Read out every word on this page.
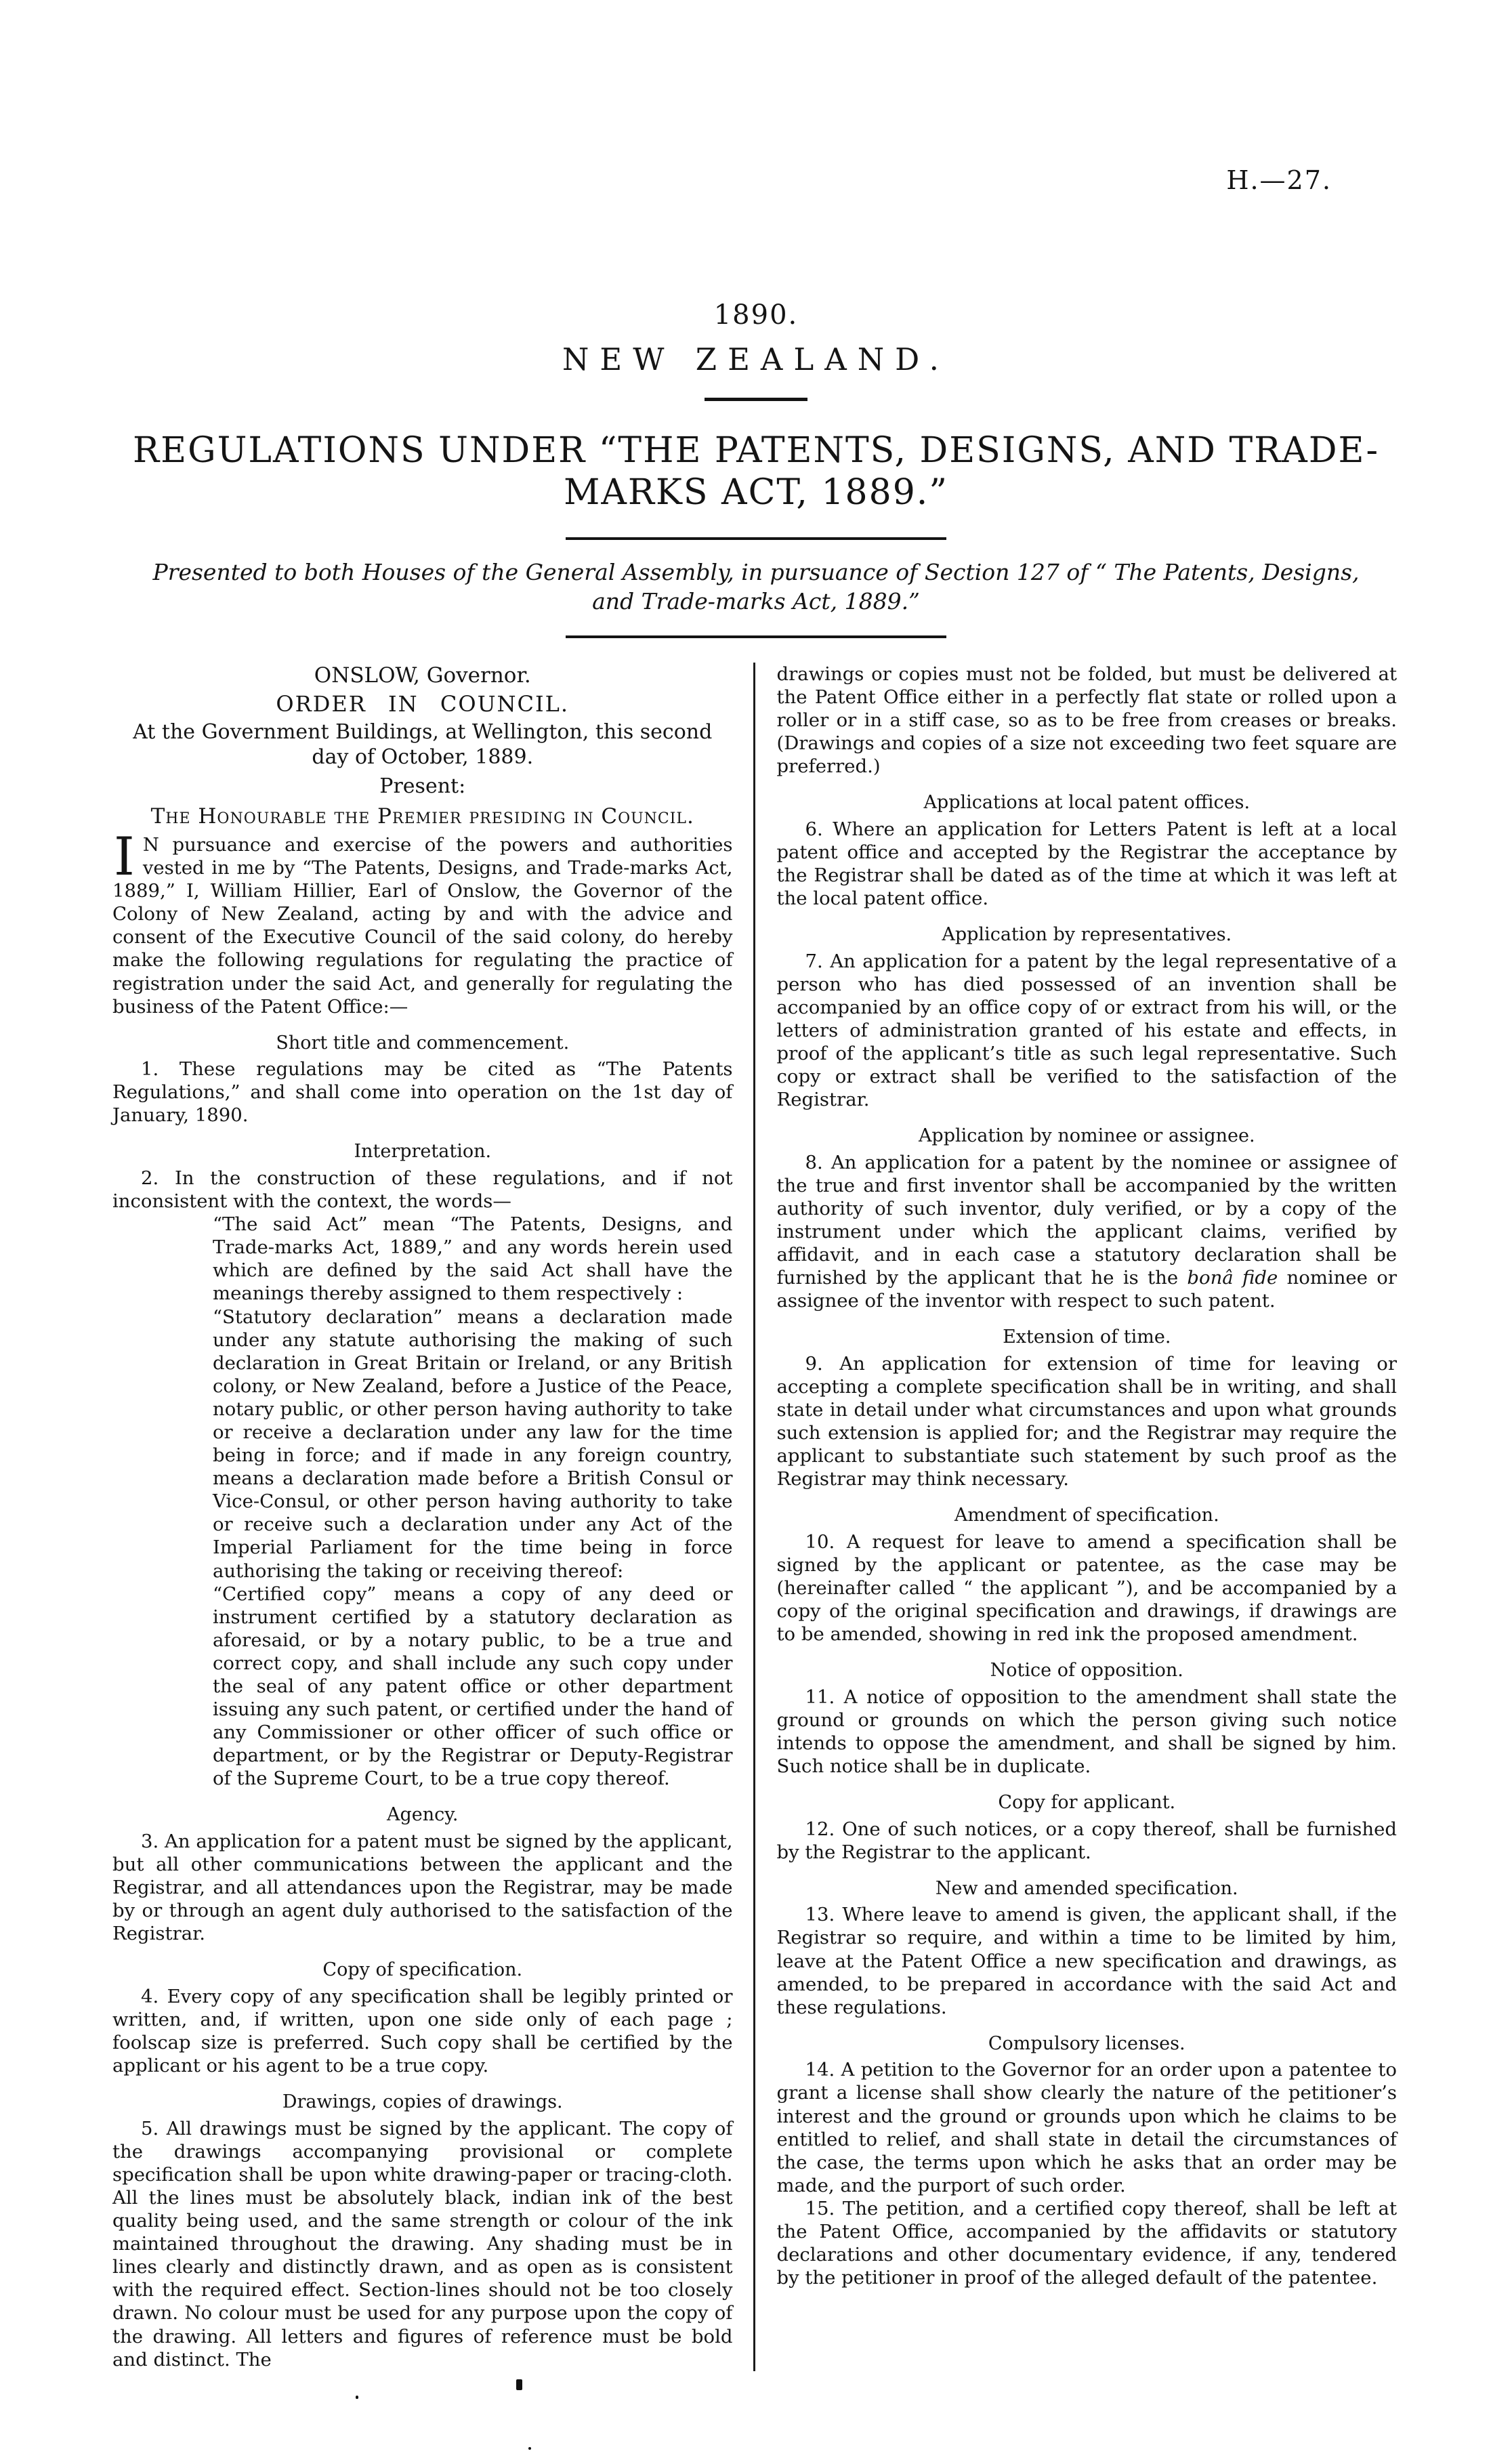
H.—27.
1890.
NEW ZEALAND.
REGULATIONS UNDER “THE PATENTS, DESIGNS, AND TRADE-
MARKS ACT, 1889.”
Presented to both Houses of the General Assembly, in pursuance of Section 127 of “ The Patents, Designs, and Trade-marks Act, 1889.”
ONSLOW, Governor.
ORDER IN COUNCIL.
At the Government Buildings, at Wellington, this second day of October, 1889.
Present:
The Honourable the Premier presiding in Council.

I N pursuance and exercise of the powers and authorities vested in me by “The Patents, Designs, and Trade-marks Act, 1889,” I, William Hillier, Earl of Onslow, the Governor of the Colony of New Zealand, acting by and with the advice and consent of the Executive Council of the said colony, do hereby make the following regulations for regulating the practice of registration under the said Act, and generally for regulating the business of the Patent Office:—

Short title and commencement.

1. These regulations may be cited as “The Patents Regulations,” and shall come into operation on the 1st day of January, 1890.

Interpretation.

2. In the construction of these regulations, and if not inconsistent with the context, the words—

“The said Act” mean “The Patents, Designs, and Trade-marks Act, 1889,” and any words herein used which are defined by the said Act shall have the meanings thereby assigned to them respectively :

“Statutory declaration” means a declaration made under any statute authorising the making of such declaration in Great Britain or Ireland, or any British colony, or New Zealand, before a Justice of the Peace, notary public, or other person having authority to take or receive a declaration under any law for the time being in force; and if made in any foreign country, means a declaration made before a British Consul or Vice-Consul, or other person having authority to take or receive such a declaration under any Act of the Imperial Parliament for the time being in force authorising the taking or receiving thereof:

“Certified copy” means a copy of any deed or instrument certified by a statutory declaration as aforesaid, or by a notary public, to be a true and correct copy, and shall include any such copy under the seal of any patent office or other department issuing any such patent, or certified under the hand of any Commissioner or other officer of such office or department, or by the Registrar or Deputy-Registrar of the Supreme Court, to be a true copy thereof.

Agency.

3. An application for a patent must be signed by the applicant, but all other communications between the applicant and the Registrar, and all attendances upon the Registrar, may be made by or through an agent duly authorised to the satisfaction of the Registrar.

Copy of specification.

4. Every copy of any specification shall be legibly printed or written, and, if written, upon one side only of each page ; foolscap size is preferred. Such copy shall be certified by the applicant or his agent to be a true copy.

Drawings, copies of drawings.

5. All drawings must be signed by the applicant. The copy of the drawings accompanying provisional or complete specification shall be upon white drawing-paper or tracing-cloth. All the lines must be absolutely black, indian ink of the best quality being used, and the same strength or colour of the ink maintained throughout the drawing. Any shading must be in lines clearly and distinctly drawn, and as open as is consistent with the required effect. Section-lines should not be too closely drawn. No colour must be used for any purpose upon the copy of the drawing. All letters and figures of reference must be bold and distinct. The

drawings or copies must not be folded, but must be delivered at the Patent Office either in a perfectly flat state or rolled upon a roller or in a stiff case, so as to be free from creases or breaks. (Drawings and copies of a size not exceeding two feet square are preferred.)

Applications at local patent offices.

6. Where an application for Letters Patent is left at a local patent office and accepted by the Registrar the acceptance by the Registrar shall be dated as of the time at which it was left at the local patent office.

Application by representatives.

7. An application for a patent by the legal representative of a person who has died possessed of an invention shall be accompanied by an office copy of or extract from his will, or the letters of administration granted of his estate and effects, in proof of the applicant’s title as such legal representative. Such copy or extract shall be verified to the satisfaction of the Registrar.

Application by nominee or assignee.

8. An application for a patent by the nominee or assignee of the true and first inventor shall be accompanied by the written authority of such inventor, duly verified, or by a copy of the instrument under which the applicant claims, verified by affidavit, and in each case a statutory declaration shall be furnished by the applicant that he is the bonâ fide nominee or assignee of the inventor with respect to such patent.

Extension of time.

9. An application for extension of time for leaving or accepting a complete specification shall be in writing, and shall state in detail under what circumstances and upon what grounds such extension is applied for; and the Registrar may require the applicant to substantiate such statement by such proof as the Registrar may think necessary.

Amendment of specification.

10. A request for leave to amend a specification shall be signed by the applicant or patentee, as the case may be (hereinafter called “ the applicant ”), and be accompanied by a copy of the original specification and drawings, if drawings are to be amended, showing in red ink the proposed amendment.

Notice of opposition.

11. A notice of opposition to the amendment shall state the ground or grounds on which the person giving such notice intends to oppose the amendment, and shall be signed by him. Such notice shall be in duplicate.

Copy for applicant.

12. One of such notices, or a copy thereof, shall be furnished by the Registrar to the applicant.

New and amended specification.

13. Where leave to amend is given, the applicant shall, if the Registrar so require, and within a time to be limited by him, leave at the Patent Office a new specification and drawings, as amended, to be prepared in accordance with the said Act and these regulations.

Compulsory licenses.

14. A petition to the Governor for an order upon a patentee to grant a license shall show clearly the nature of the petitioner’s interest and the ground or grounds upon which he claims to be entitled to relief, and shall state in detail the circumstances of the case, the terms upon which he asks that an order may be made, and the purport of such order.

15. The petition, and a certified copy thereof, shall be left at the Patent Office, accompanied by the affidavits or statutory declarations and other documentary evidence, if any, tendered by the petitioner in proof of the alleged default of the patentee.
